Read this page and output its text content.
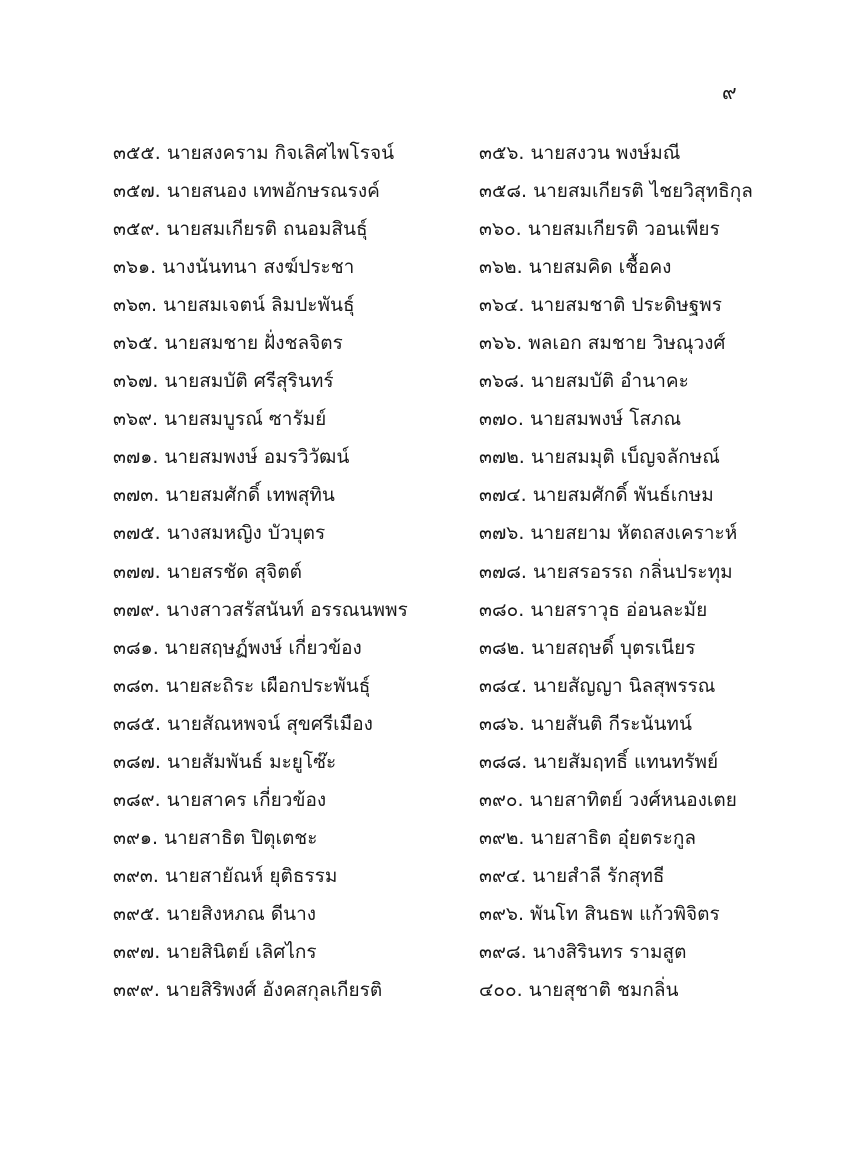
๙
๓๕๕. นายสงคราม กิจเลิศไพโรจน์	๓๕๖. นายสงวน พงษ์มณี
๓๕๗. นายสนอง เทพอักษรณรงค์	๓๕๘. นายสมเกียรติ ไชยวิสุทธิกุล
๓๕๙. นายสมเกียรติ ถนอมสินธุ์	๓๖๐. นายสมเกียรติ วอนเพียร
๓๖๑. นางนันทนา สงฆ์ประชา	๓๖๒. นายสมคิด เชื้อคง
๓๖๓. นายสมเจตน์ ลิมปะพันธุ์	๓๖๔. นายสมชาติ ประดิษฐพร
๓๖๕. นายสมชาย ฝั่งชลจิตร	๓๖๖. พลเอก สมชาย วิษณุวงศ์
๓๖๗. นายสมบัติ ศรีสุรินทร์	๓๖๘. นายสมบัติ อำนาคะ
๓๖๙. นายสมบูรณ์ ซารัมย์	๓๗๐. นายสมพงษ์ โสภณ
๓๗๑. นายสมพงษ์ อมรวิวัฒน์	๓๗๒. นายสมมุติ เบ็ญจลักษณ์
๓๗๓. นายสมศักดิ์ เทพสุทิน	๓๗๔. นายสมศักดิ์ พันธ์เกษม
๓๗๕. นางสมหญิง บัวบุตร	๓๗๖. นายสยาม หัตถสงเคราะห์
๓๗๗. นายสรชัด สุจิตต์	๓๗๘. นายสรอรรถ กลิ่นประทุม
๓๗๙. นางสาวสรัสนันท์ อรรณนพพร	๓๘๐. นายสราวุธ อ่อนละมัย
๓๘๑. นายสฤษฏ์พงษ์ เกี่ยวข้อง	๓๘๒. นายสฤษดิ์ บุตรเนียร
๓๘๓. นายสะถิระ เผือกประพันธุ์	๓๘๔. นายสัญญา นิลสุพรรณ
๓๘๕. นายสัณหพจน์ สุขศรีเมือง	๓๘๖. นายสันติ กีระนันทน์
๓๘๗. นายสัมพันธ์ มะยูโซ๊ะ	๓๘๘. นายสัมฤทธิ์ แทนทรัพย์
๓๘๙. นายสาคร เกี่ยวข้อง	๓๙๐. นายสาทิตย์ วงศ์หนองเตย
๓๙๑. นายสาธิต ปิตุเตชะ	๓๙๒. นายสาธิต อุ๋ยตระกูล
๓๙๓. นายสายัณห์ ยุติธรรม	๓๙๔. นายสำลี รักสุทธี
๓๙๕. นายสิงหภณ ดีนาง	๓๙๖. พันโท สินธพ แก้วพิจิตร
๓๙๗. นายสินิตย์ เลิศไกร	๓๙๘. นางสิรินทร รามสูต
๓๙๙. นายสิริพงศ์ อังคสกุลเกียรติ	๔๐๐. นายสุชาติ ชมกลิ่น
